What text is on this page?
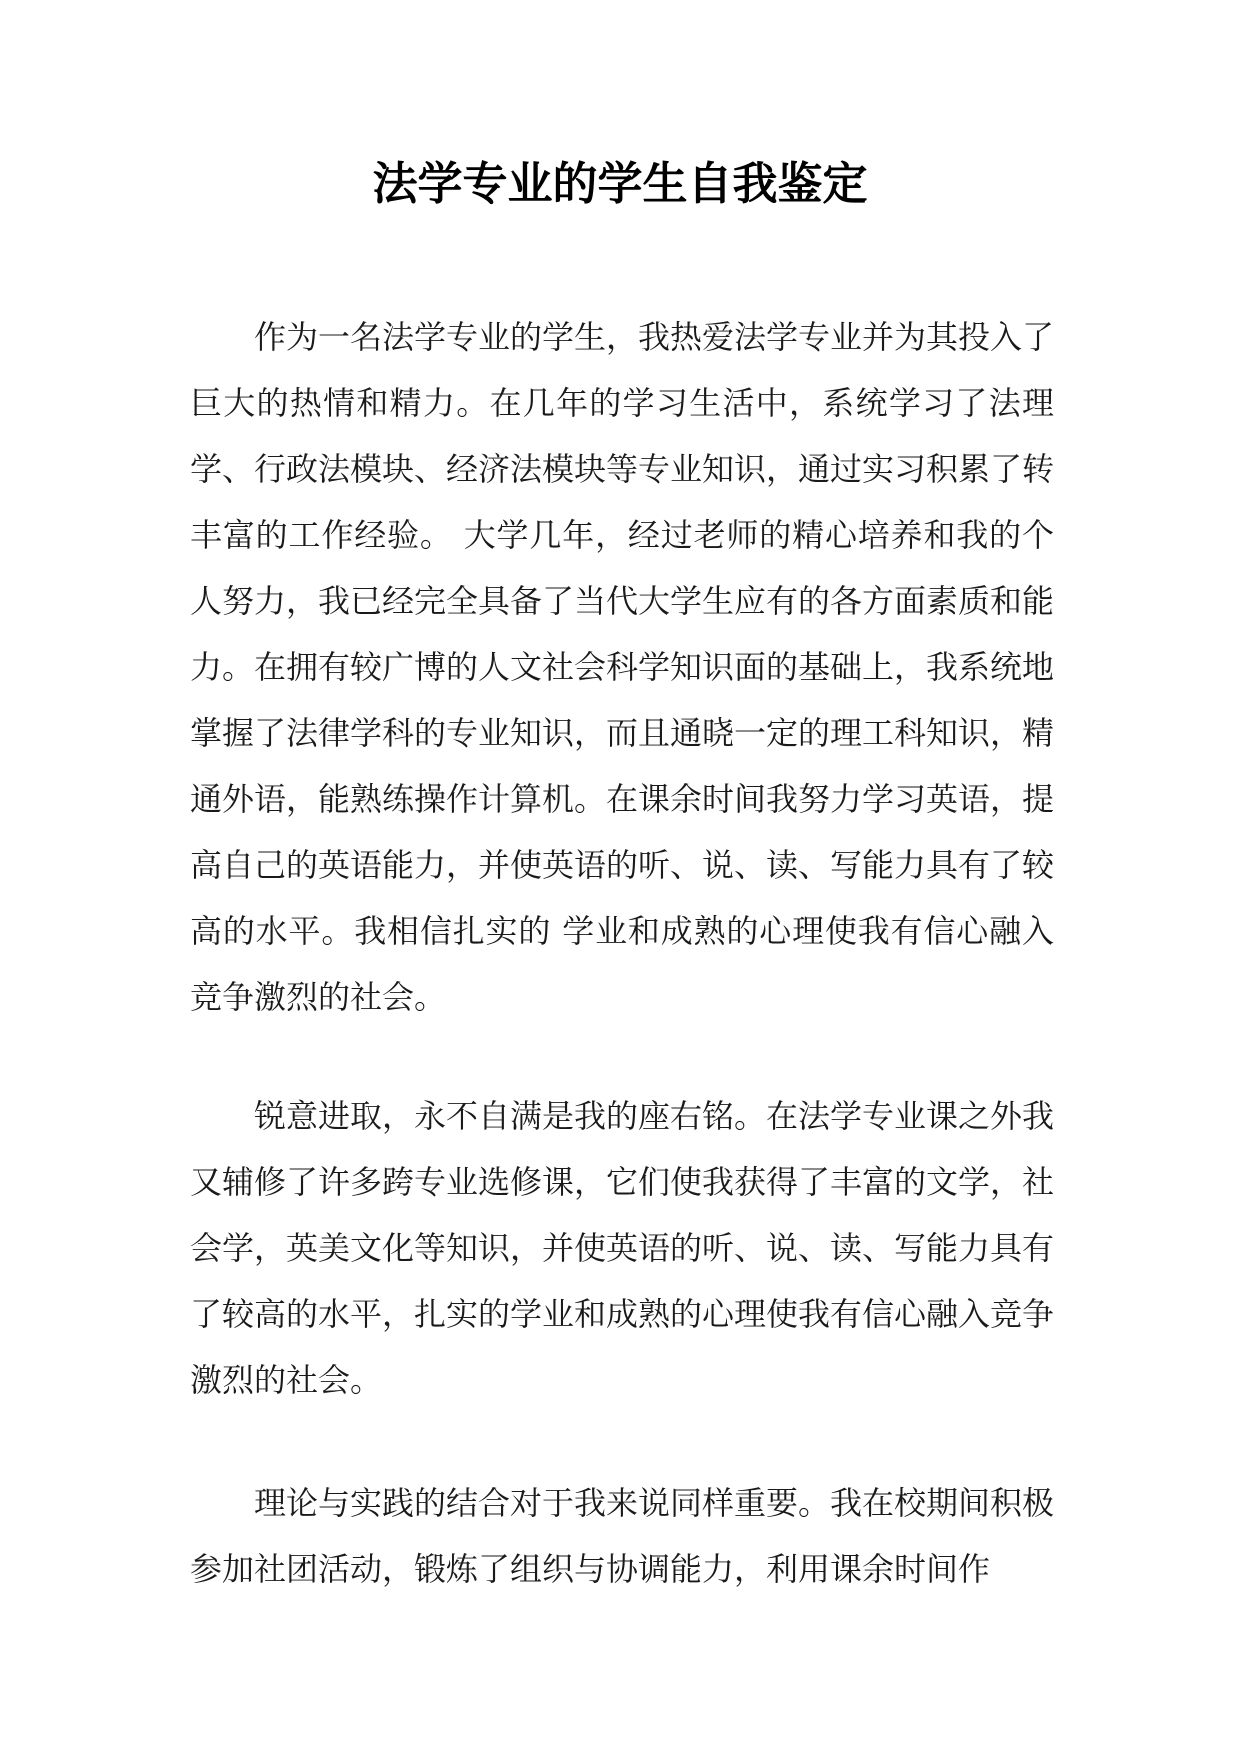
法学专业的学生自我鉴定

作为一名法学专业的学生，我热爱法学专业并为其投入了巨大的热情和精力。在几年的学习生活中，系统学习了法理学、行政法模块、经济法模块等专业知识，通过实习积累了转丰富的工作经验。 大学几年，经过老师的精心培养和我的个人努力，我已经完全具备了当代大学生应有的各方面素质和能力。在拥有较广博的人文社会科学知识面的基础上，我系统地掌握了法律学科的专业知识，而且通晓一定的理工科知识，精通外语，能熟练操作计算机。在课余时间我努力学习英语，提高自己的英语能力，并使英语的听、说、读、写能力具有了较高的水平。我相信扎实的 学业和成熟的心理使我有信心融入竞争激烈的社会。

锐意进取，永不自满是我的座右铭。在法学专业课之外我又辅修了许多跨专业选修课，它们使我获得了丰富的文学，社会学，英美文化等知识，并使英语的听、说、读、写能力具有了较高的水平，扎实的学业和成熟的心理使我有信心融入竞争激烈的社会。

理论与实践的结合对于我来说同样重要。我在校期间积极参加社团活动，锻炼了组织与协调能力，利用课余时间作
